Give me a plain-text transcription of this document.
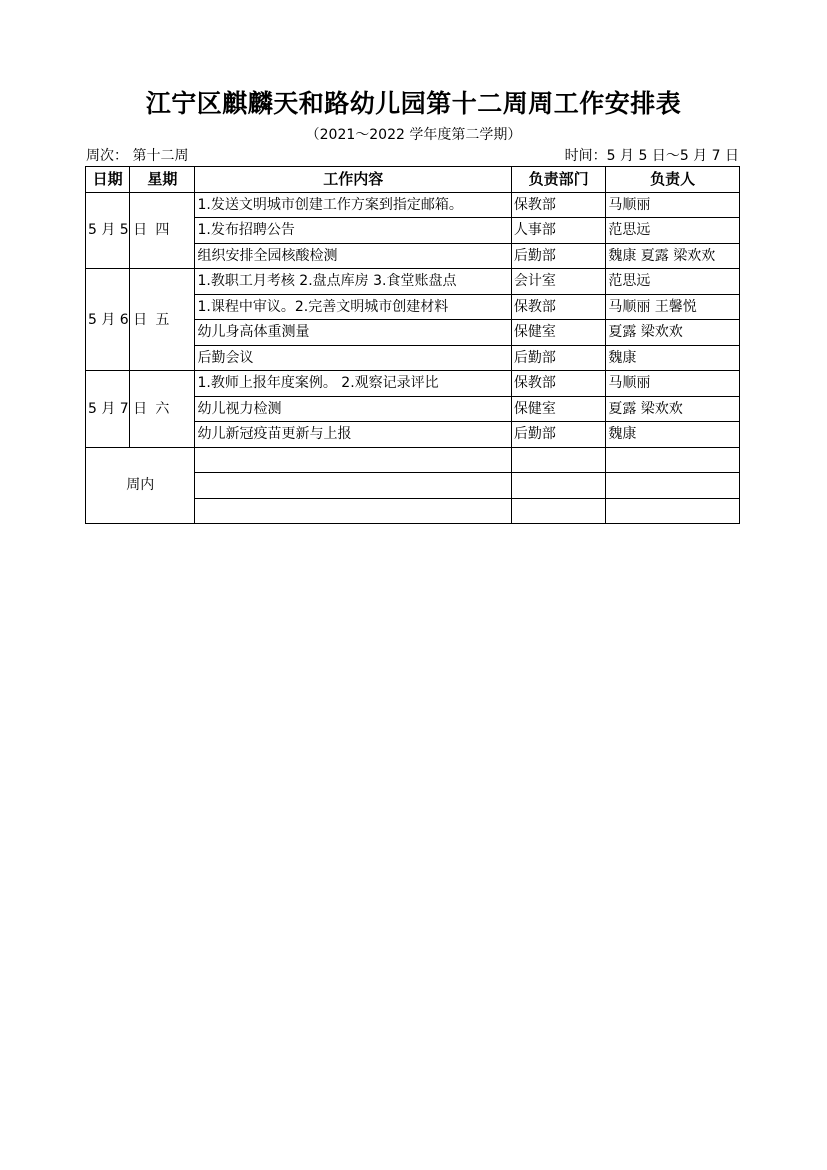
江宁区麒麟天和路幼儿园第十二周周工作安排表
（2021～2022 学年度第二学期）
周次： 第十二周	时间：5 月 5 日～5 月 7 日
日期	星期	工作内容	负责部门	负责人
5 月 5 日	四	1.发送文明城市创建工作方案到指定邮箱。	保教部	马顺丽
		1.发布招聘公告	人事部	范思远
		组织安排全园核酸检测	后勤部	魏康 夏露 梁欢欢
5 月 6 日	五	1.教职工月考核 2.盘点库房 3.食堂账盘点	会计室	范思远
		1.课程中审议。2.完善文明城市创建材料	保教部	马顺丽 王馨悦
		幼儿身高体重测量	保健室	夏露 梁欢欢
		后勤会议	后勤部	魏康
5 月 7 日	六	1.教师上报年度案例。 2.观察记录评比	保教部	马顺丽
		幼儿视力检测	保健室	夏露 梁欢欢
		幼儿新冠疫苗更新与上报	后勤部	魏康
周内				
